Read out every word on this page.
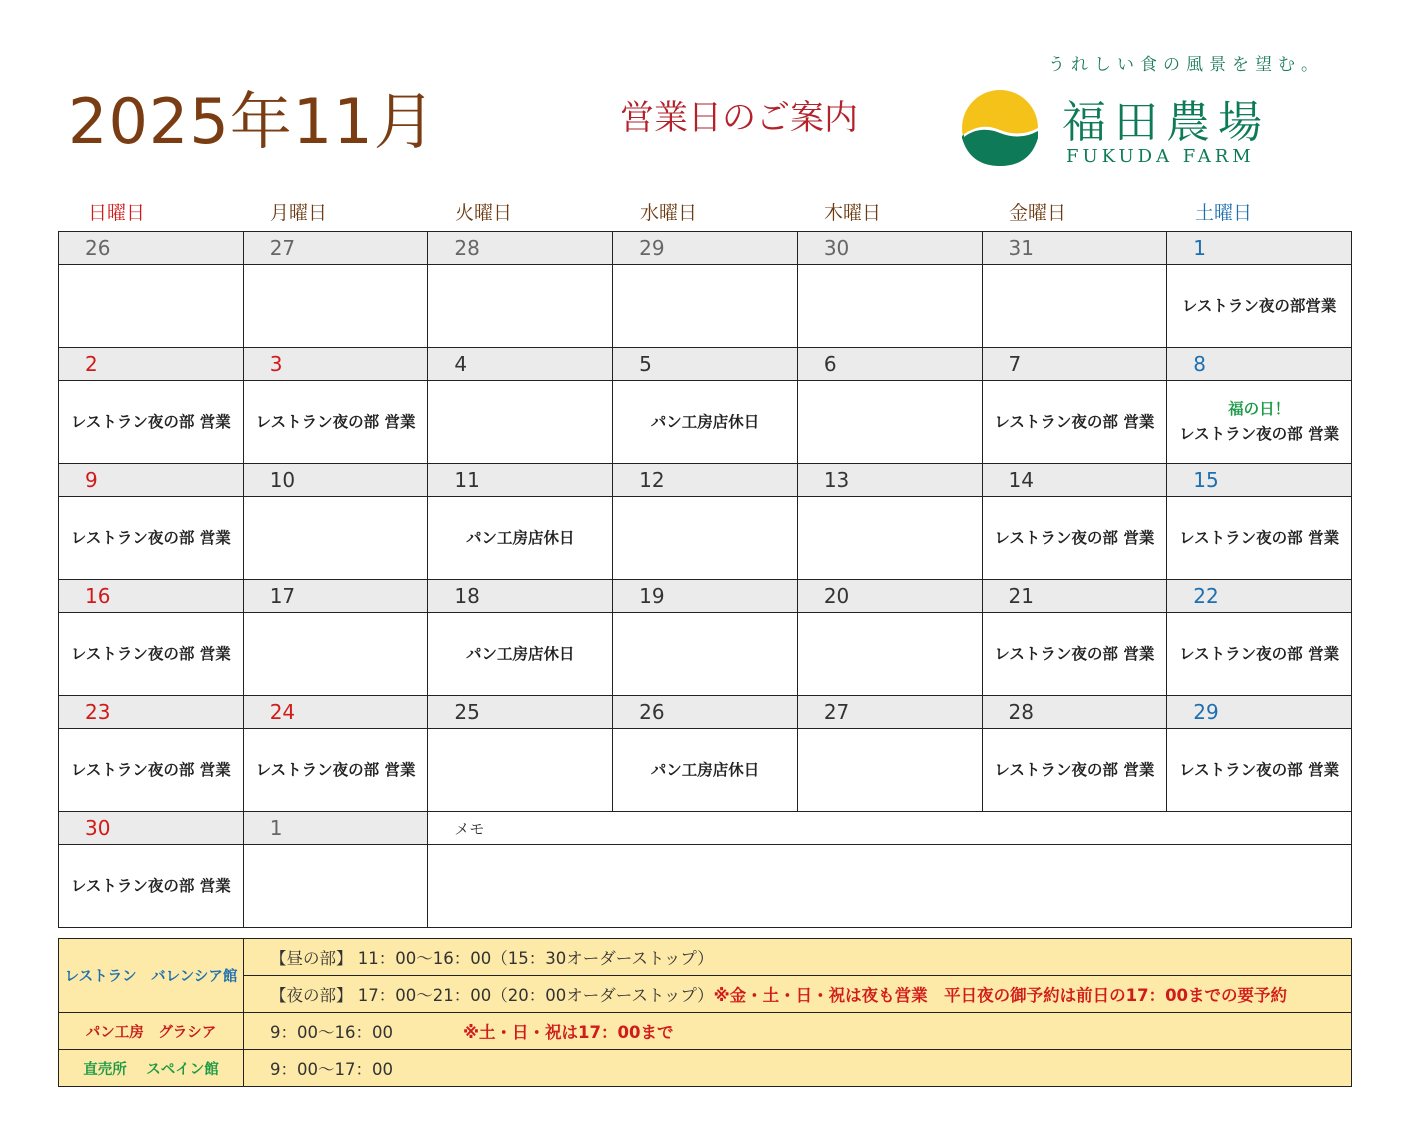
2025年11月	営業日のご案内
うれしい食の風景を望む。
福田農場
FUKUDA FARM
日曜日	月曜日	火曜日	水曜日	木曜日	金曜日	土曜日
26	27	28	29	30	31	1
						レストラン夜の部営業
2	3	4	5	6	7	8
レストラン夜の部 営業	レストラン夜の部 営業		パン工房店休日		レストラン夜の部 営業	福の日！
レストラン夜の部 営業

9	10	11	12	13	14	15
レストラン夜の部 営業		パン工房店休日			レストラン夜の部 営業	レストラン夜の部 営業
16	17	18	19	20	21	22
レストラン夜の部 営業		パン工房店休日			レストラン夜の部 営業	レストラン夜の部 営業
23	24	25	26	27	28	29
レストラン夜の部 営業	レストラン夜の部 営業		パン工房店休日		レストラン夜の部 営業	レストラン夜の部 営業
30	1	メモ				
レストラン夜の部 営業						
レストラン　バレンシア館	【昼の部】 11：00～16：00（15：30オーダーストップ）
	【夜の部】 17：00～21：00（20：00オーダーストップ）※金・土・日・祝は夜も営業　平日夜の御予約は前日の17：00までの要予約
パン工房　グラシア	9：00～16：00 ※土・日・祝は17：00まで
直売所　 スペイン館	9：00～17：00
